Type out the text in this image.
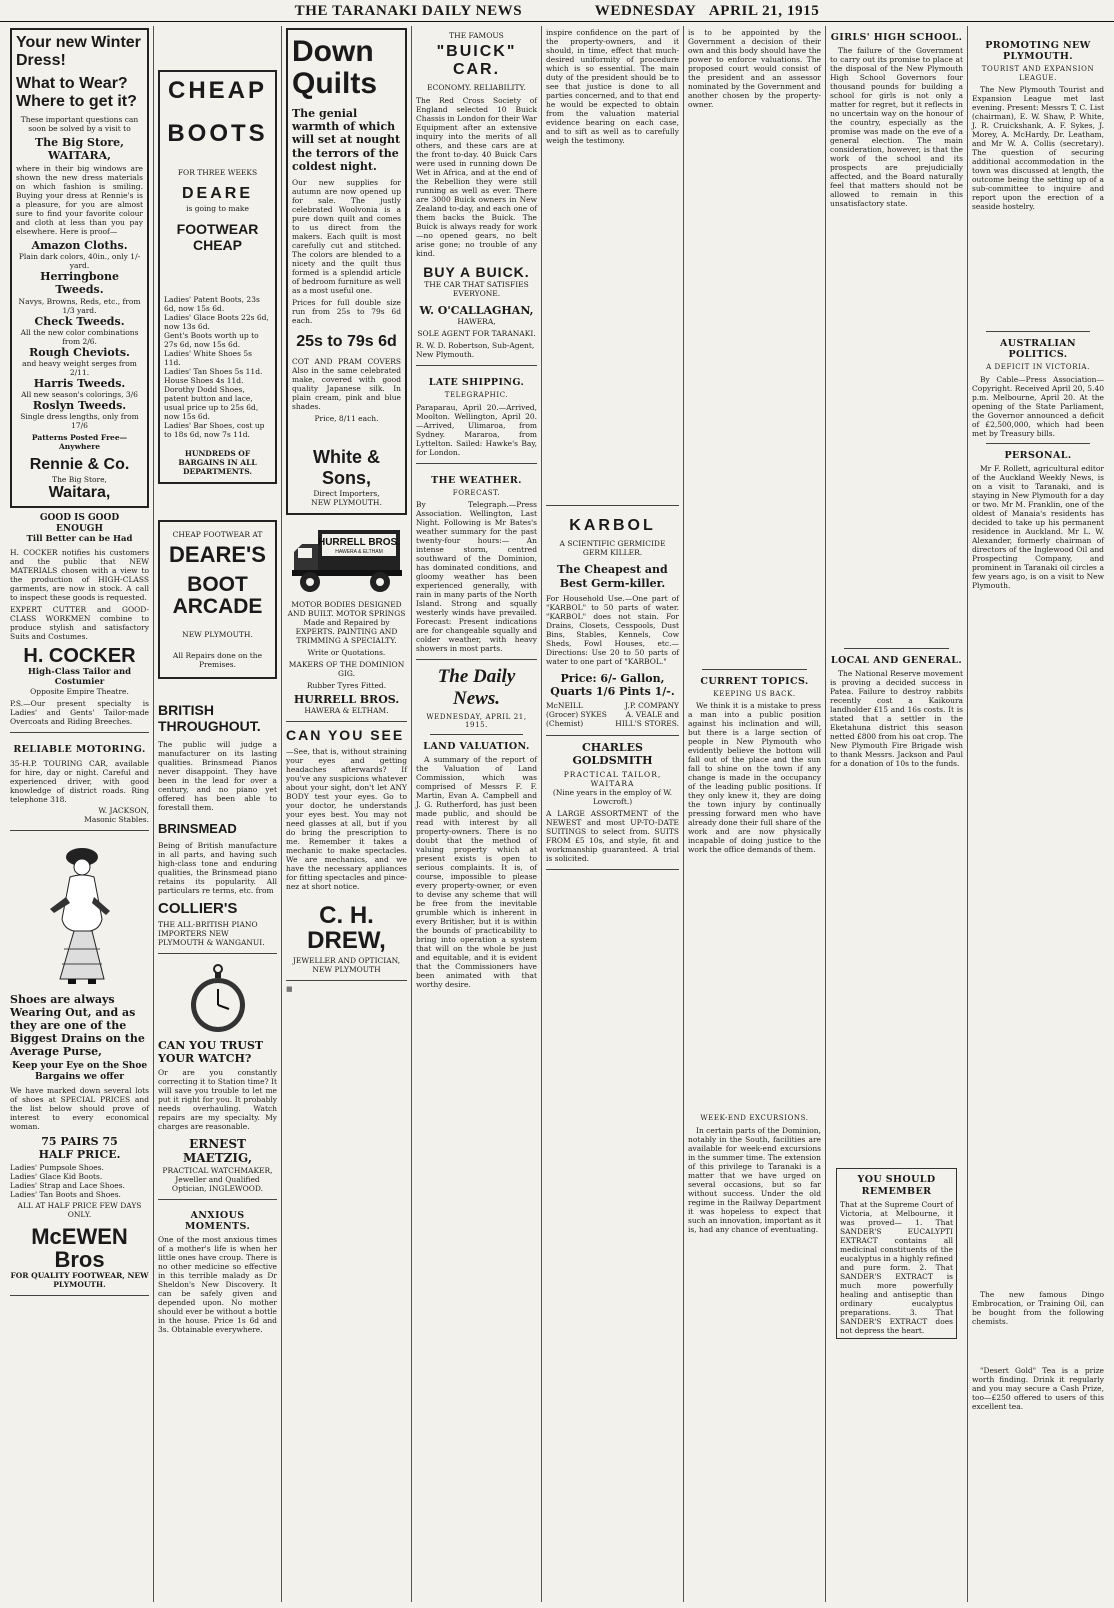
THE TARANAKI DAILY NEWS	WEDNESDAY APRIL 21, 1915
Your new Winter Dress!
What to Wear?
Where to get it?
These important questions can soon be solved by a visit to
The Big Store, WAITARA,
where in their big windows are shown the new dress materials on which fashion is smiling. Buying your dress at Rennie's is a pleasure, for you are almost sure to find your favorite colour and cloth at less than you pay elsewhere. Here is proof—
Amazon Cloths.
Plain dark colors, 40in., only 1/- yard.
Herringbone Tweeds.
Navys, Browns, Reds, etc., from 1/3 yard.
Check Tweeds.
All the new color combinations from 2/6.
Rough Cheviots.
and heavy weight serges from 2/11.
Harris Tweeds.
All new season's colorings, 3/6
Roslyn Tweeds.
Single dress lengths, only from 17/6
Patterns Posted Free—Anywhere
Rennie & Co.
The Big Store,
Waitara,
GOOD IS GOOD
ENOUGH
Till Better can be Had
H. COCKER notifies his customers and the public that NEW MATERIALS chosen with a view to the production of HIGH-CLASS garments, are now in stock. A call to inspect these goods is requested.
EXPERT CUTTER and GOOD-CLASS WORKMEN combine to produce stylish and satisfactory Suits and Costumes.
H. COCKER
High-Class Tailor and Costumier
Opposite Empire Theatre.
P.S.—Our present specialty is Ladies' and Gents' Tailor-made Overcoats and Riding Breeches.
RELIABLE MOTORING.
35-H.P. TOURING CAR, available for hire, day or night. Careful and experienced driver, with good knowledge of district roads. Ring telephone 318.
W. JACKSON,
Masonic Stables.
Shoes are always Wearing Out, and as they are one of the Biggest Drains on the Average Purse,
Keep your Eye on the Shoe Bargains we offer
We have marked down several lots of shoes at SPECIAL PRICES and the list below should prove of interest to every economical woman.
75 PAIRS 75
HALF PRICE.
Ladies' Pumpsole Shoes.
Ladies' Glace Kid Boots.
Ladies' Strap and Lace Shoes.
Ladies' Tan Boots and Shoes.
ALL AT HALF PRICE FEW DAYS ONLY.
McEWEN Bros
FOR QUALITY FOOTWEAR, NEW PLYMOUTH.
CHEAP
BOOTS
FOR THREE WEEKS
DEARE
is going to make
FOOTWEAR CHEAP
Ladies' Patent Boots, 23s 6d, now 15s 6d.
Ladies' Glace Boots 22s 6d, now 13s 6d.
Gent's Boots worth up to 27s 6d, now 15s 6d.
Ladies' White Shoes 5s 11d.
Ladies' Tan Shoes 5s 11d.
House Shoes 4s 11d.
Dorothy Dodd Shoes, patent button and lace, usual price up to 25s 6d, now 15s 6d.
Ladies' Bar Shoes, cost up to 18s 6d, now 7s 11d.
HUNDREDS OF BARGAINS IN ALL DEPARTMENTS.
CHEAP FOOTWEAR AT
DEARE'S
BOOT ARCADE
NEW PLYMOUTH.
All Repairs done on the Premises.
BRITISH THROUGHOUT.
The public will judge a manufacturer on its lasting qualities. Brinsmead Pianos never disappoint. They have been in the lead for over a century, and no piano yet offered has been able to forestall them.
BRINSMEAD
Being of British manufacture in all parts, and having such high-class tone and enduring qualities, the Brinsmead piano retains its popularity. All particulars re terms, etc. from
COLLIER'S
THE ALL-BRITISH PIANO IMPORTERS NEW PLYMOUTH & WANGANUI.
CAN YOU TRUST YOUR WATCH?
Or are you constantly correcting it to Station time? It will save you trouble to let me put it right for you. It probably needs overhauling. Watch repairs are my specialty. My charges are reasonable.
ERNEST MAETZIG,
PRACTICAL WATCHMAKER, Jeweller and Qualified Optician, INGLEWOOD.
ANXIOUS MOMENTS.
One of the most anxious times of a mother's life is when her little ones have croup. There is no other medicine so effective in this terrible malady as Dr Sheldon's New Discovery. It can be safely given and depended upon. No mother should ever be without a bottle in the house. Price 1s 6d and 3s. Obtainable everywhere.
Down
Quilts
The genial warmth of which will set at nought the terrors of the coldest night.
Our new supplies for autumn are now opened up for sale. The justly celebrated Woolvonia is a pure down quilt and comes to us direct from the makers. Each quilt is most carefully cut and stitched. The colors are blended to a nicety and the quilt thus formed is a splendid article of bedroom furniture as well as a most useful one.
Prices for full double size run from 25s to 79s 6d each.
25s to 79s 6d
COT AND PRAM COVERS Also in the same celebrated make, covered with good quality Japanese silk. In plain cream, pink and blue shades.
Price, 8/11 each.
White & Sons,
Direct Importers,
NEW PLYMOUTH.
HURRELL BROS.
HAWERA & ELTHAM
MOTOR BODIES DESIGNED AND BUILT. MOTOR SPRINGS Made and Repaired by EXPERTS. PAINTING AND TRIMMING A SPECIALTY.
Write or Quotations.
MAKERS OF THE DOMINION GIG.
Rubber Tyres Fitted.
HURRELL BROS.
HAWERA & ELTHAM.
CAN YOU SEE
—See, that is, without straining your eyes and getting headaches afterwards? If you've any suspicions whatever about your sight, don't let ANY BODY test your eyes. Go to your doctor, he understands your eyes best. You may not need glasses at all, but if you do bring the prescription to me. Remember it takes a mechanic to make spectacles. We are mechanics, and we have the necessary appliances for fitting spectacles and pince-nez at short notice.
C. H. DREW,
JEWELLER AND OPTICIAN, NEW PLYMOUTH
■
THE FAMOUS
"BUICK" CAR.
ECONOMY. RELIABILITY.
The Red Cross Society of England selected 10 Buick Chassis in London for their War Equipment after an extensive inquiry into the merits of all others, and these cars are at the front to-day. 40 Buick Cars were used in running down De Wet in Africa, and at the end of the Rebellion they were still running as well as ever. There are 3000 Buick owners in New Zealand to-day, and each one of them backs the Buick. The Buick is always ready for work—no opened gears, no belt arise gone; no trouble of any kind.
BUY A BUICK.
THE CAR THAT SATISFIES EVERYONE.
W. O'CALLAGHAN,
HAWERA,
SOLE AGENT FOR TARANAKI.
R. W. D. Robertson, Sub-Agent, New Plymouth.
LATE SHIPPING.
TELEGRAPHIC.
Paraparau, April 20.—Arrived, Moolton. Wellington, April 20.—Arrived, Ulimaroa, from Sydney. Mararoa, from Lyttelton. Sailed: Hawke's Bay, for London.
THE WEATHER.
FORECAST.
By Telegraph.—Press Association. Wellington, Last Night. Following is Mr Bates's weather summary for the past twenty-four hours:— An intense storm, centred southward of the Dominion, has dominated conditions, and gloomy weather has been experienced generally, with rain in many parts of the North Island. Strong and squally westerly winds have prevailed. Forecast: Present indications are for changeable squally and colder weather, with heavy showers in most parts.
The Daily News.
WEDNESDAY, APRIL 21, 1915.
LAND VALUATION.
A summary of the report of the Valuation of Land Commission, which was comprised of Messrs F. F. Martin, Evan A. Campbell and J. G. Rutherford, has just been made public, and should be read with interest by all property-owners. There is no doubt that the method of valuing property which at present exists is open to serious complaints. It is, of course, impossible to please every property-owner, or even to devise any scheme that will be free from the inevitable grumble which is inherent in every Britisher, but it is within the bounds of practicability to bring into operation a system that will on the whole be just and equitable, and it is evident that the Commissioners have been animated with that worthy desire.
inspire confidence on the part of the property-owners, and it should, in time, effect that much-desired uniformity of procedure which is so essential. The main duty of the president should be to see that justice is done to all parties concerned, and to that end he would be expected to obtain from the valuation material evidence bearing on each case, and to sift as well as to carefully weigh the testimony.
KARBOL
A SCIENTIFIC GERMICIDE GERM KILLER.
The Cheapest and Best Germ-killer.
For Household Use.—One part of "KARBOL" to 50 parts of water. "KARBOL" does not stain. For Drains, Closets, Cesspools, Dust Bins, Stables, Kennels, Cow Sheds, Fowl Houses, etc.—Directions: Use 20 to 50 parts of water to one part of "KARBOL."
Price: 6/- Gallon, Quarts 1/6 Pints 1/-.
McNEILL (Grocer) SYKES (Chemist)
J.P. COMPANY A. VEALE and HILL'S STORES.
CHARLES GOLDSMITH
PRACTICAL TAILOR, WAITARA
(Nine years in the employ of W. Lowcroft.)
A LARGE ASSORTMENT of the NEWEST and most UP-TO-DATE SUITINGS to select from. SUITS FROM £5 10s, and style, fit and workmanship guaranteed. A trial is solicited.
is to be appointed by the Government a decision of their own and this body should have the power to enforce valuations. The proposed court would consist of the president and an assessor nominated by the Government and another chosen by the property-owner.
CURRENT TOPICS.
KEEPING US BACK.
We think it is a mistake to press a man into a public position against his inclination and will, but there is a large section of people in New Plymouth who evidently believe the bottom will fall out of the place and the sun fall to shine on the town if any change is made in the occupancy of the leading public positions. If they only knew it, they are doing the town injury by continually pressing forward men who have already done their full share of the work and are now physically incapable of doing justice to the work the office demands of them.
WEEK-END EXCURSIONS.
In certain parts of the Dominion, notably in the South, facilities are available for week-end excursions in the summer time. The extension of this privilege to Taranaki is a matter that we have urged on several occasions, but so far without success. Under the old regime in the Railway Department it was hopeless to expect that such an innovation, important as it is, had any chance of eventuating.
GIRLS' HIGH SCHOOL.
The failure of the Government to carry out its promise to place at the disposal of the New Plymouth High School Governors four thousand pounds for building a school for girls is not only a matter for regret, but it reflects in no uncertain way on the honour of the country, especially as the promise was made on the eve of a general election. The main consideration, however, is that the work of the school and its prospects are prejudicially affected, and the Board naturally feel that matters should not be allowed to remain in this unsatisfactory state.
LOCAL AND GENERAL.
The National Reserve movement is proving a decided success in Patea. Failure to destroy rabbits recently cost a Kaikoura landholder £15 and 16s costs. It is stated that a settler in the Eketahuna district this season netted £800 from his oat crop. The New Plymouth Fire Brigade wish to thank Messrs. Jackson and Paul for a donation of 10s to the funds.
YOU SHOULD REMEMBER
That at the Supreme Court of Victoria, at Melbourne, it was proved— 1. That SANDER'S EUCALYPTI EXTRACT contains all medicinal constituents of the eucalyptus in a highly refined and pure form. 2. That SANDER'S EXTRACT is much more powerfully healing and antiseptic than ordinary eucalyptus preparations. 3. That SANDER'S EXTRACT does not depress the heart.
PROMOTING NEW PLYMOUTH.
TOURIST AND EXPANSION LEAGUE.
The New Plymouth Tourist and Expansion League met last evening. Present: Messrs T. C. List (chairman), E. W. Shaw, P. White, J. R. Cruickshank, A. F. Sykes, J. Morey, A. McHardy, Dr. Leatham, and Mr W. A. Collis (secretary). The question of securing additional accommodation in the town was discussed at length, the outcome being the setting up of a sub-committee to inquire and report upon the erection of a seaside hostelry.
AUSTRALIAN POLITICS.
A DEFICIT IN VICTORIA.
By Cable—Press Association—Copyright. Received April 20, 5.40 p.m. Melbourne, April 20. At the opening of the State Parliament, the Governor announced a deficit of £2,500,000, which had been met by Treasury bills.
PERSONAL.
Mr F. Rollett, agricultural editor of the Auckland Weekly News, is on a visit to Taranaki, and is staying in New Plymouth for a day or two. Mr M. Franklin, one of the oldest of Manaia's residents has decided to take up his permanent residence in Auckland. Mr L. W. Alexander, formerly chairman of directors of the Inglewood Oil and Prospecting Company, and prominent in Taranaki oil circles a few years ago, is on a visit to New Plymouth.
The new famous Dingo Embrocation, or Training Oil, can be bought from the following chemists.
"Desert Gold" Tea is a prize worth finding. Drink it regularly and you may secure a Cash Prize, too—£250 offered to users of this excellent tea.
